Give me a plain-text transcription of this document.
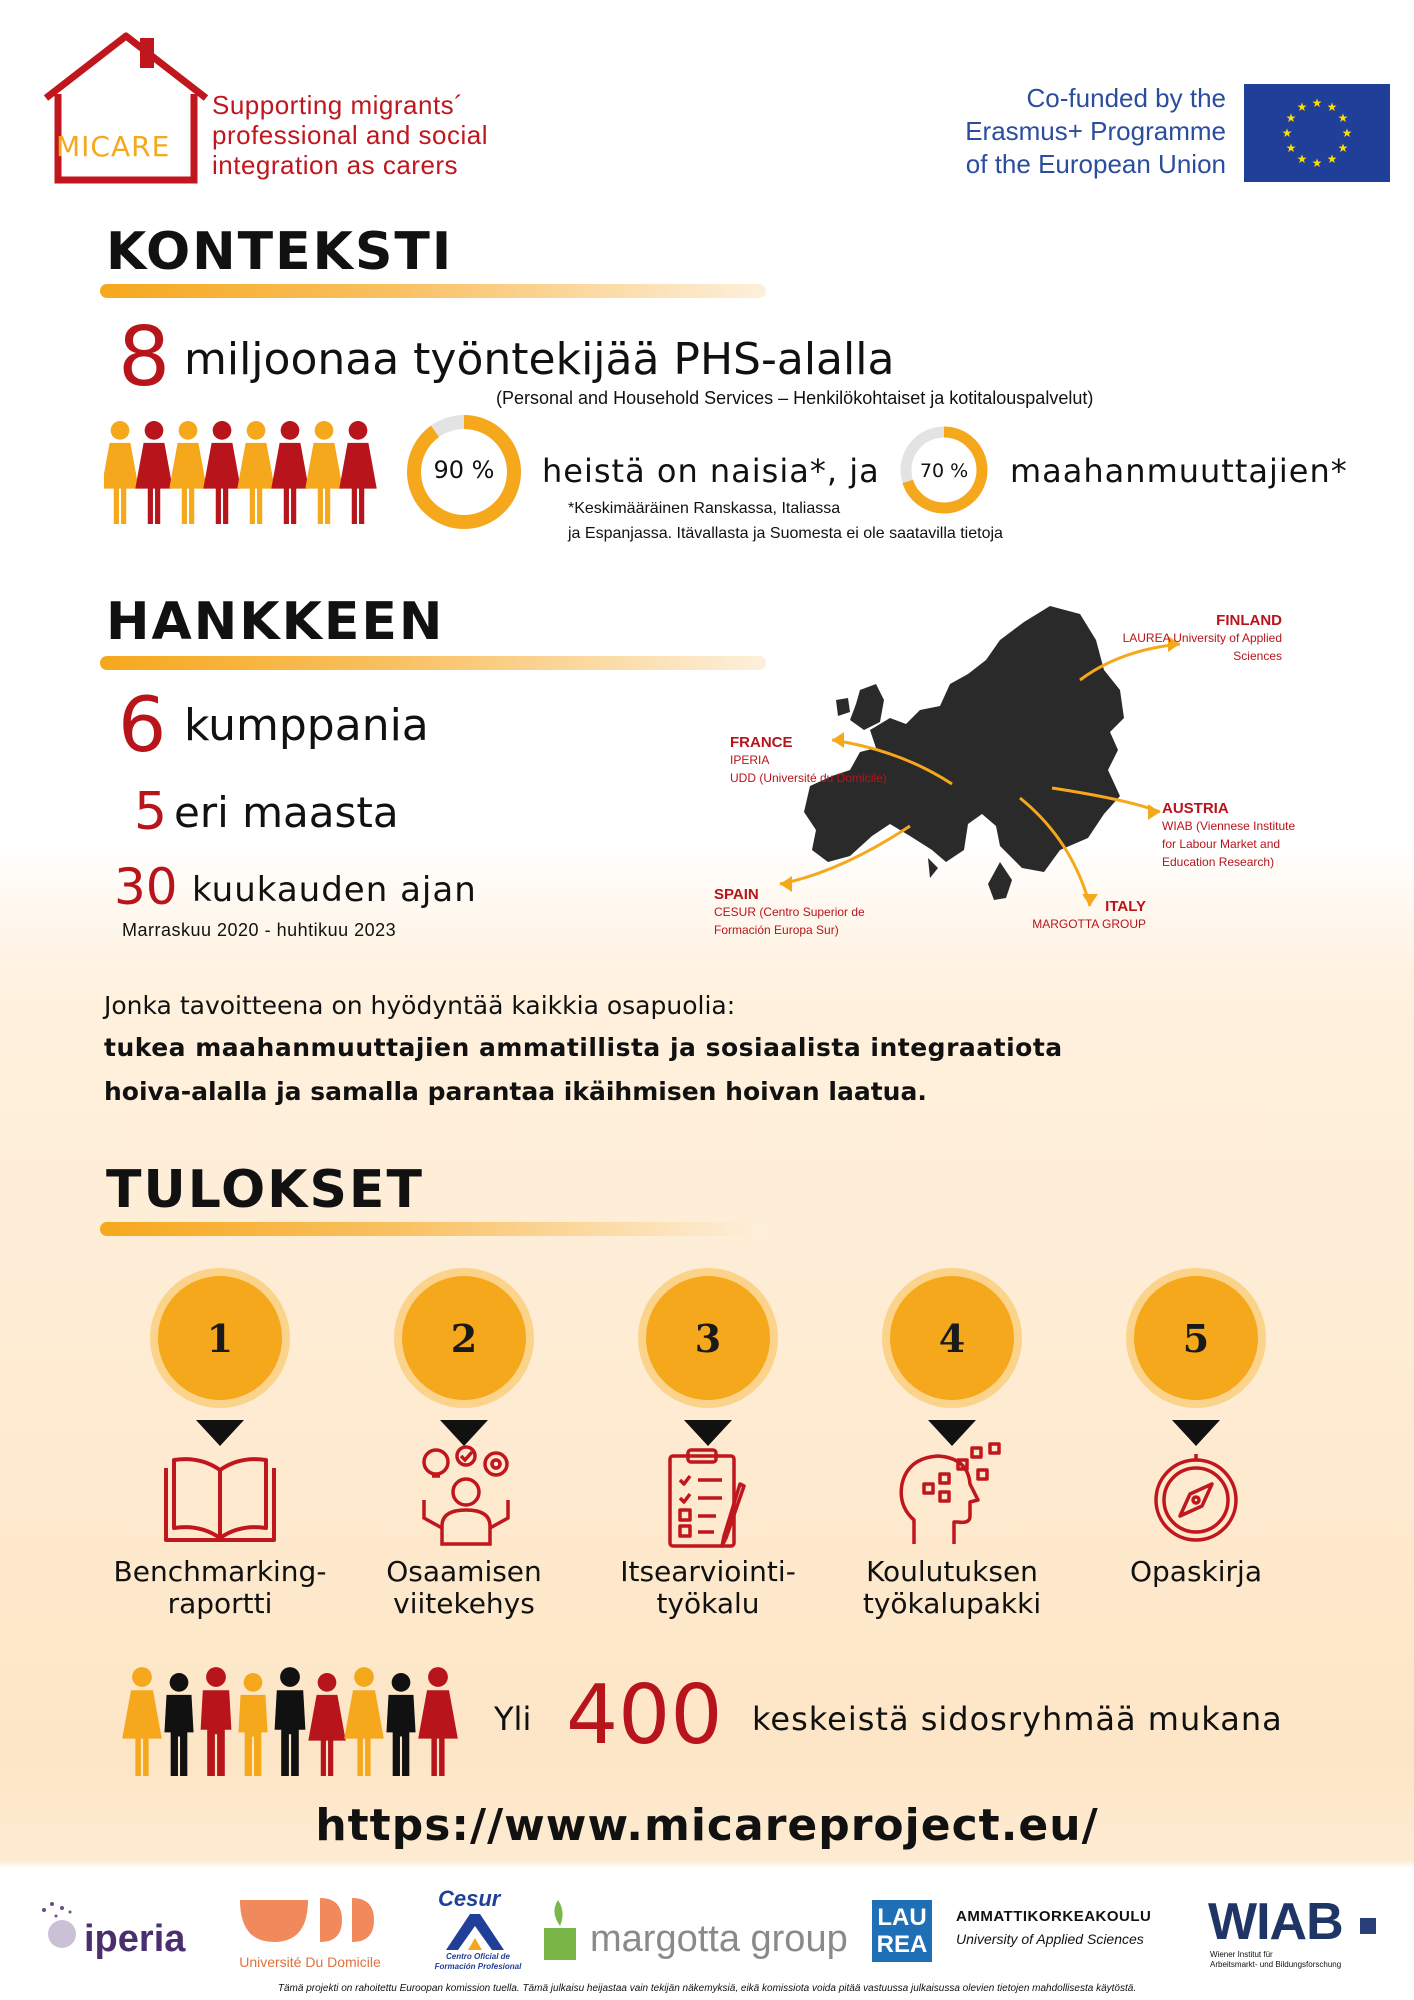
MICARE
Supporting migrants´
professional and social
integration as carers
Co-funded by the
Erasmus+ Programme
of the European Union
★
★
★
★
★
★
★
★
★ ★ ★
★
KONTEKSTI
8 miljoonaa työntekijää PHS-alalla
(Personal and Household Services – Henkilökohtaiset ja kotitalouspalvelut)
90 %	heistä on naisia*, ja	70 %	maahanmuuttajien*
*Keskimääräinen Ranskassa, Italiassa
ja Espanjassa. Itävallasta ja Suomesta ei ole saatavilla tietoja
HANKKEEN
6 kumppania
5 eri maasta
30 kuukauden ajan
Marraskuu 2020 - huhtikuu 2023
FINLAND
LAUREA University of Applied
Sciences
FRANCE
IPERIA
UDD (Université du Domicile)
AUSTRIA
WIAB (Viennese Institute
for Labour Market and
Education Research)
SPAIN
CESUR (Centro Superior de
Formación Europa Sur)
ITALY
MARGOTTA GROUP
Jonka tavoitteena on hyödyntää kaikkia osapuolia:
tukea maahanmuuttajien ammatillista ja sosiaalista integraatiota
hoiva-alalla ja samalla parantaa ikäihmisen hoivan laatua.
TULOKSET
1
Benchmarking-
raportti
2
Osaamisen
viitekehys
3
Itsearviointi-
työkalu
4
Koulutuksen
työkalupakki
5
Opaskirja
Yli 400 keskeistä sidosryhmää mukana
https://www.micareproject.eu/
iperia
Université Du Domicile
Cesur
Centro Oficial de
Formación Profesional
margotta group
LAU
REA
AMMATTIKORKEAKOULU
University of Applied Sciences	WIAB
Wiener Institut für
Arbeitsmarkt- und Bildungsforschung
Tämä projekti on rahoitettu Euroopan komission tuella. Tämä julkaisu heijastaa vain tekijän näkemyksiä, eikä komissiota voida pitää vastuussa julkaisussa olevien tietojen mahdollisesta käytöstä.
